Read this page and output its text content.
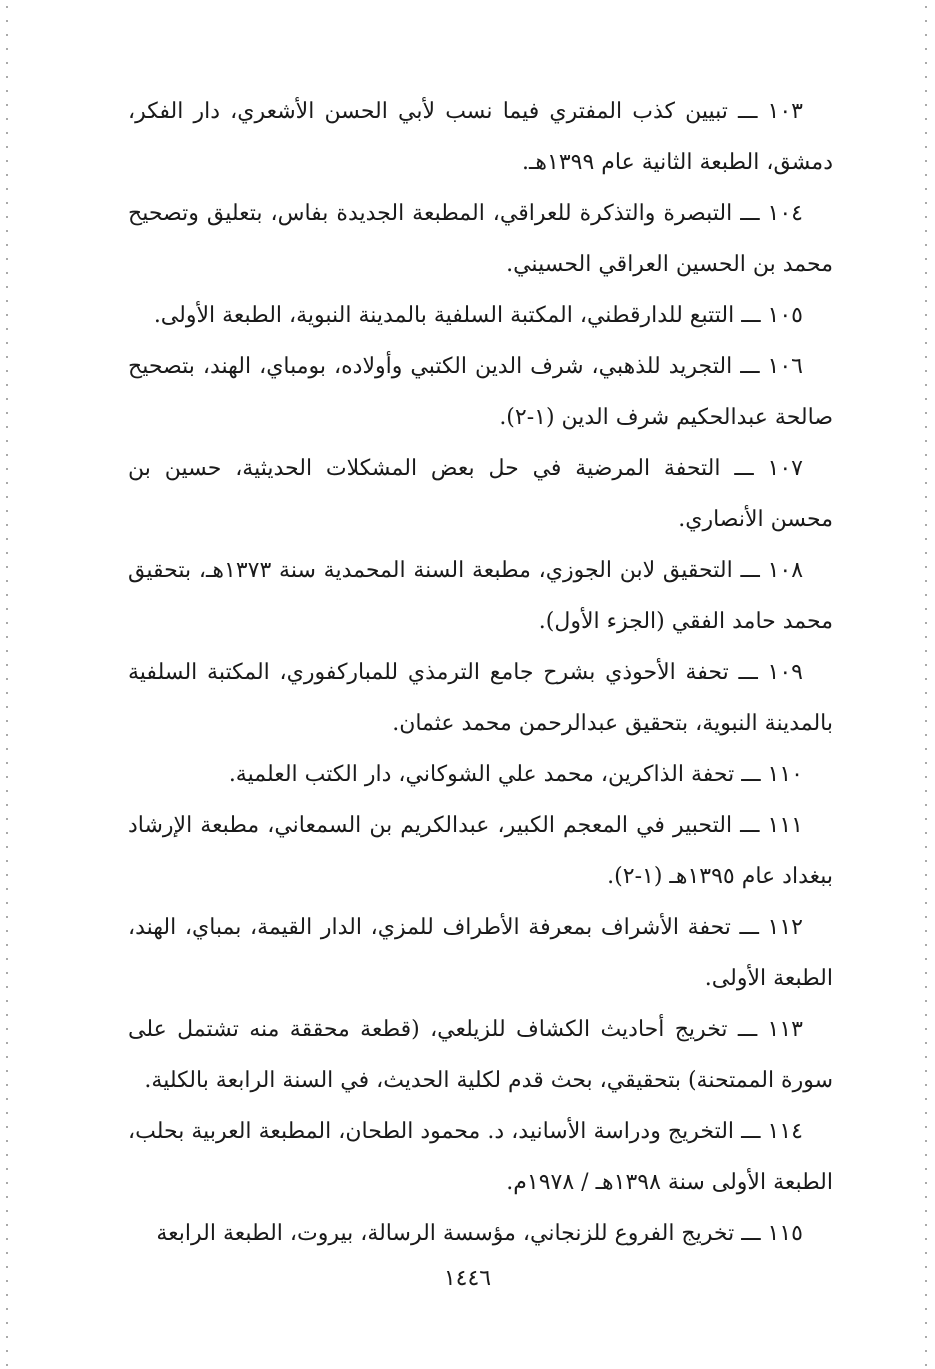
١٠٣ ـــ تبيين كذب المفتري فيما نسب لأبي الحسن الأشعري، دار الفكر، دمشق، الطبعة الثانية عام ١٣٩٩هـ.

١٠٤ ـــ التبصرة والتذكرة للعراقي، المطبعة الجديدة بفاس، بتعليق وتصحيح محمد بن الحسين العراقي الحسيني.

١٠٥ ـــ التتبع للدارقطني، المكتبة السلفية بالمدينة النبوية، الطبعة الأولى.

١٠٦ ـــ التجريد للذهبي، شرف الدين الكتبي وأولاده، بومباي، الهند، بتصحيح صالحة عبدالحكيم شرف الدين (١-٢).

١٠٧ ـــ التحفة المرضية في حل بعض المشكلات الحديثية، حسين بن محسن الأنصاري.

١٠٨ ـــ التحقيق لابن الجوزي، مطبعة السنة المحمدية سنة ١٣٧٣هـ، بتحقيق محمد حامد الفقي (الجزء الأول).

١٠٩ ـــ تحفة الأحوذي بشرح جامع الترمذي للمباركفوري، المكتبة السلفية بالمدينة النبوية، بتحقيق عبدالرحمن محمد عثمان.

١١٠ ـــ تحفة الذاكرين، محمد علي الشوكاني، دار الكتب العلمية.

١١١ ـــ التحبير في المعجم الكبير، عبدالكريم بن السمعاني، مطبعة الإرشاد ببغداد عام ١٣٩٥هـ (١-٢).

١١٢ ـــ تحفة الأشراف بمعرفة الأطراف للمزي، الدار القيمة، بمباي، الهند، الطبعة الأولى.

١١٣ ـــ تخريج أحاديث الكشاف للزيلعي، (قطعة محققة منه تشتمل على سورة الممتحنة) بتحقيقي، بحث قدم لكلية الحديث، في السنة الرابعة بالكلية.

١١٤ ـــ التخريج ودراسة الأسانيد، د. محمود الطحان، المطبعة العربية بحلب، الطبعة الأولى سنة ١٣٩٨هـ / ١٩٧٨م.

١١٥ ـــ تخريج الفروع للزنجاني، مؤسسة الرسالة، بيروت، الطبعة الرابعة

١٤٤٦
